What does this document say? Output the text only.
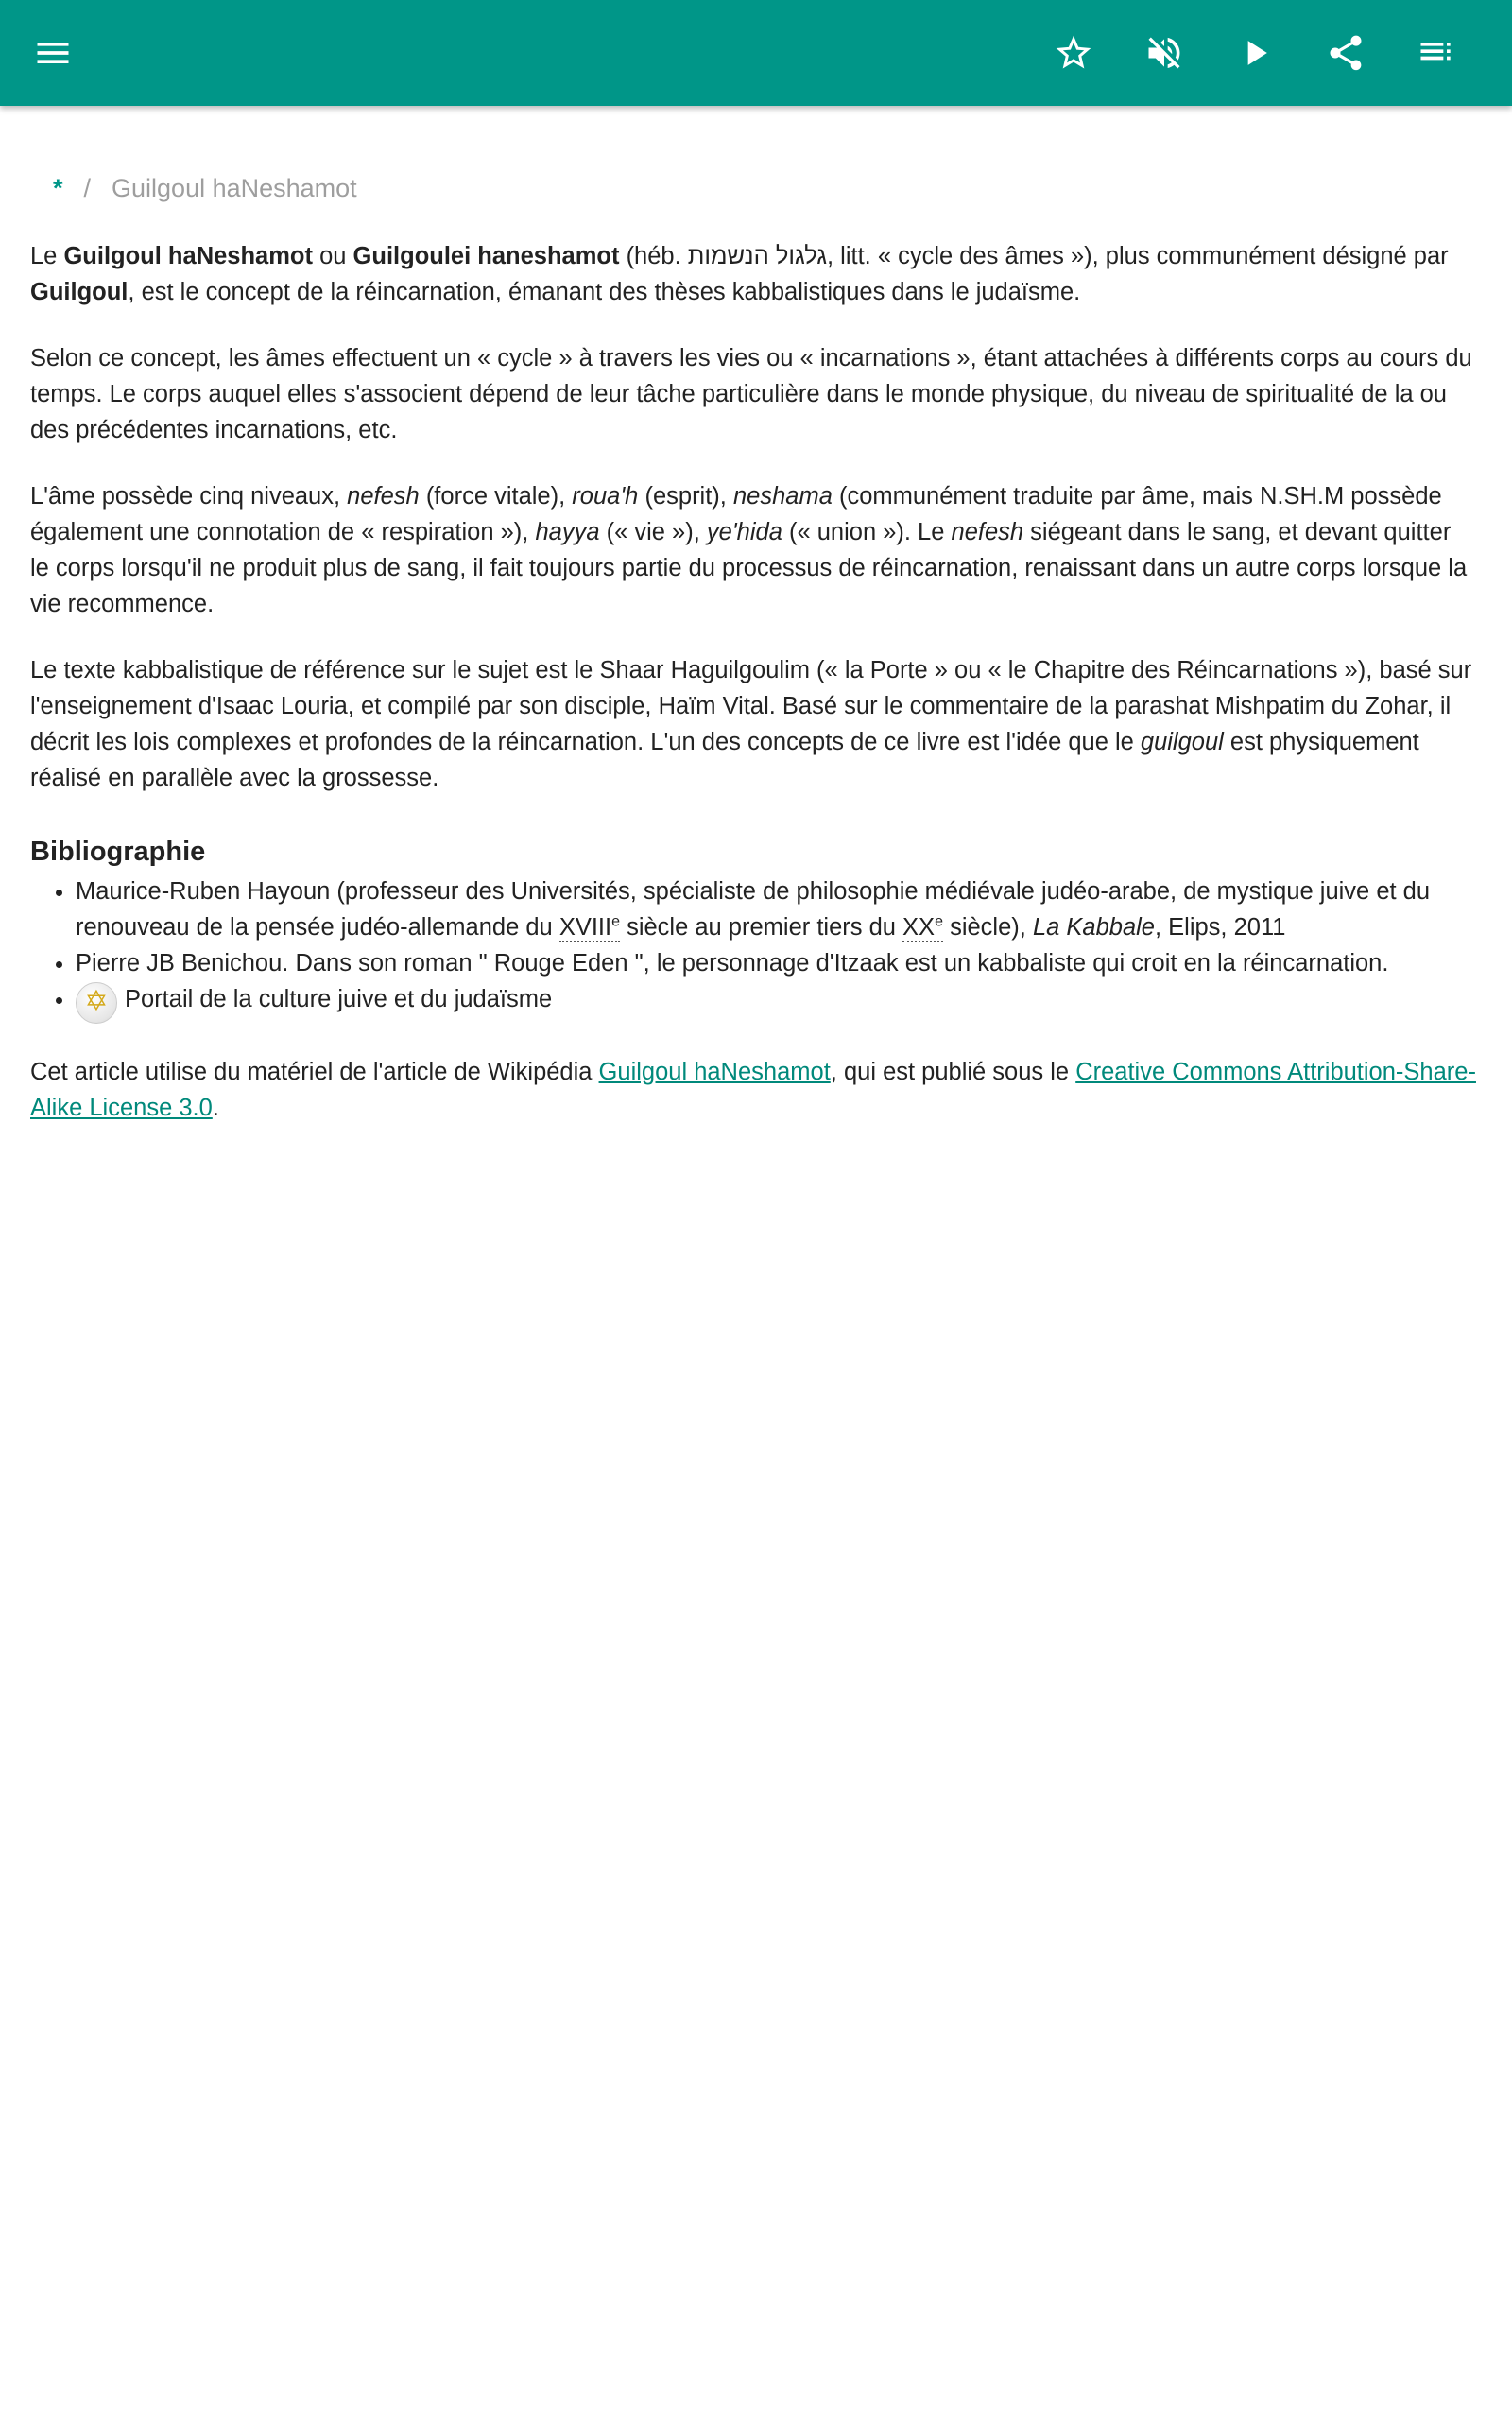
* / Guilgoul haNeshamot

Le Guilgoul haNeshamot ou Guilgoulei haneshamot (héb. גלגול הנשמות, litt. « cycle des âmes »), plus communément désigné par Guilgoul, est le concept de la réincarnation, émanant des thèses kabbalistiques dans le judaïsme.

Selon ce concept, les âmes effectuent un « cycle » à travers les vies ou « incarnations », étant attachées à différents corps au cours du temps. Le corps auquel elles s'associent dépend de leur tâche particulière dans le monde physique, du niveau de spiritualité de la ou des précédentes incarnations, etc.

L'âme possède cinq niveaux, nefesh (force vitale), roua'h (esprit), neshama (communément traduite par âme, mais N.SH.M possède également une connotation de « respiration »), hayya (« vie »), ye'hida (« union »). Le nefesh siégeant dans le sang, et devant quitter le corps lorsqu'il ne produit plus de sang, il fait toujours partie du processus de réincarnation, renaissant dans un autre corps lorsque la vie recommence.

Le texte kabbalistique de référence sur le sujet est le Shaar Haguilgoulim (« la Porte » ou « le Chapitre des Réincarnations »), basé sur l'enseignement d'Isaac Louria, et compilé par son disciple, Haïm Vital. Basé sur le commentaire de la parashat Mishpatim du Zohar, il décrit les lois complexes et profondes de la réincarnation. L'un des concepts de ce livre est l'idée que le guilgoul est physiquement réalisé en parallèle avec la grossesse.

Bibliographie
• Maurice-Ruben Hayoun (professeur des Universités, spécialiste de philosophie médiévale judéo-arabe, de mystique juive et du renouveau de la pensée judéo-allemande du XVIIIe siècle au premier tiers du XXe siècle), La Kabbale, Elips, 2011
• Pierre JB Benichou. Dans son roman " Rouge Eden ", le personnage d'Itzaak est un kabbaliste qui croit en la réincarnation.
• ✡ Portail de la culture juive et du judaïsme

Cet article utilise du matériel de l'article de Wikipédia Guilgoul haNeshamot, qui est publié sous le Creative Commons Attribution-Share-Alike License 3.0.
